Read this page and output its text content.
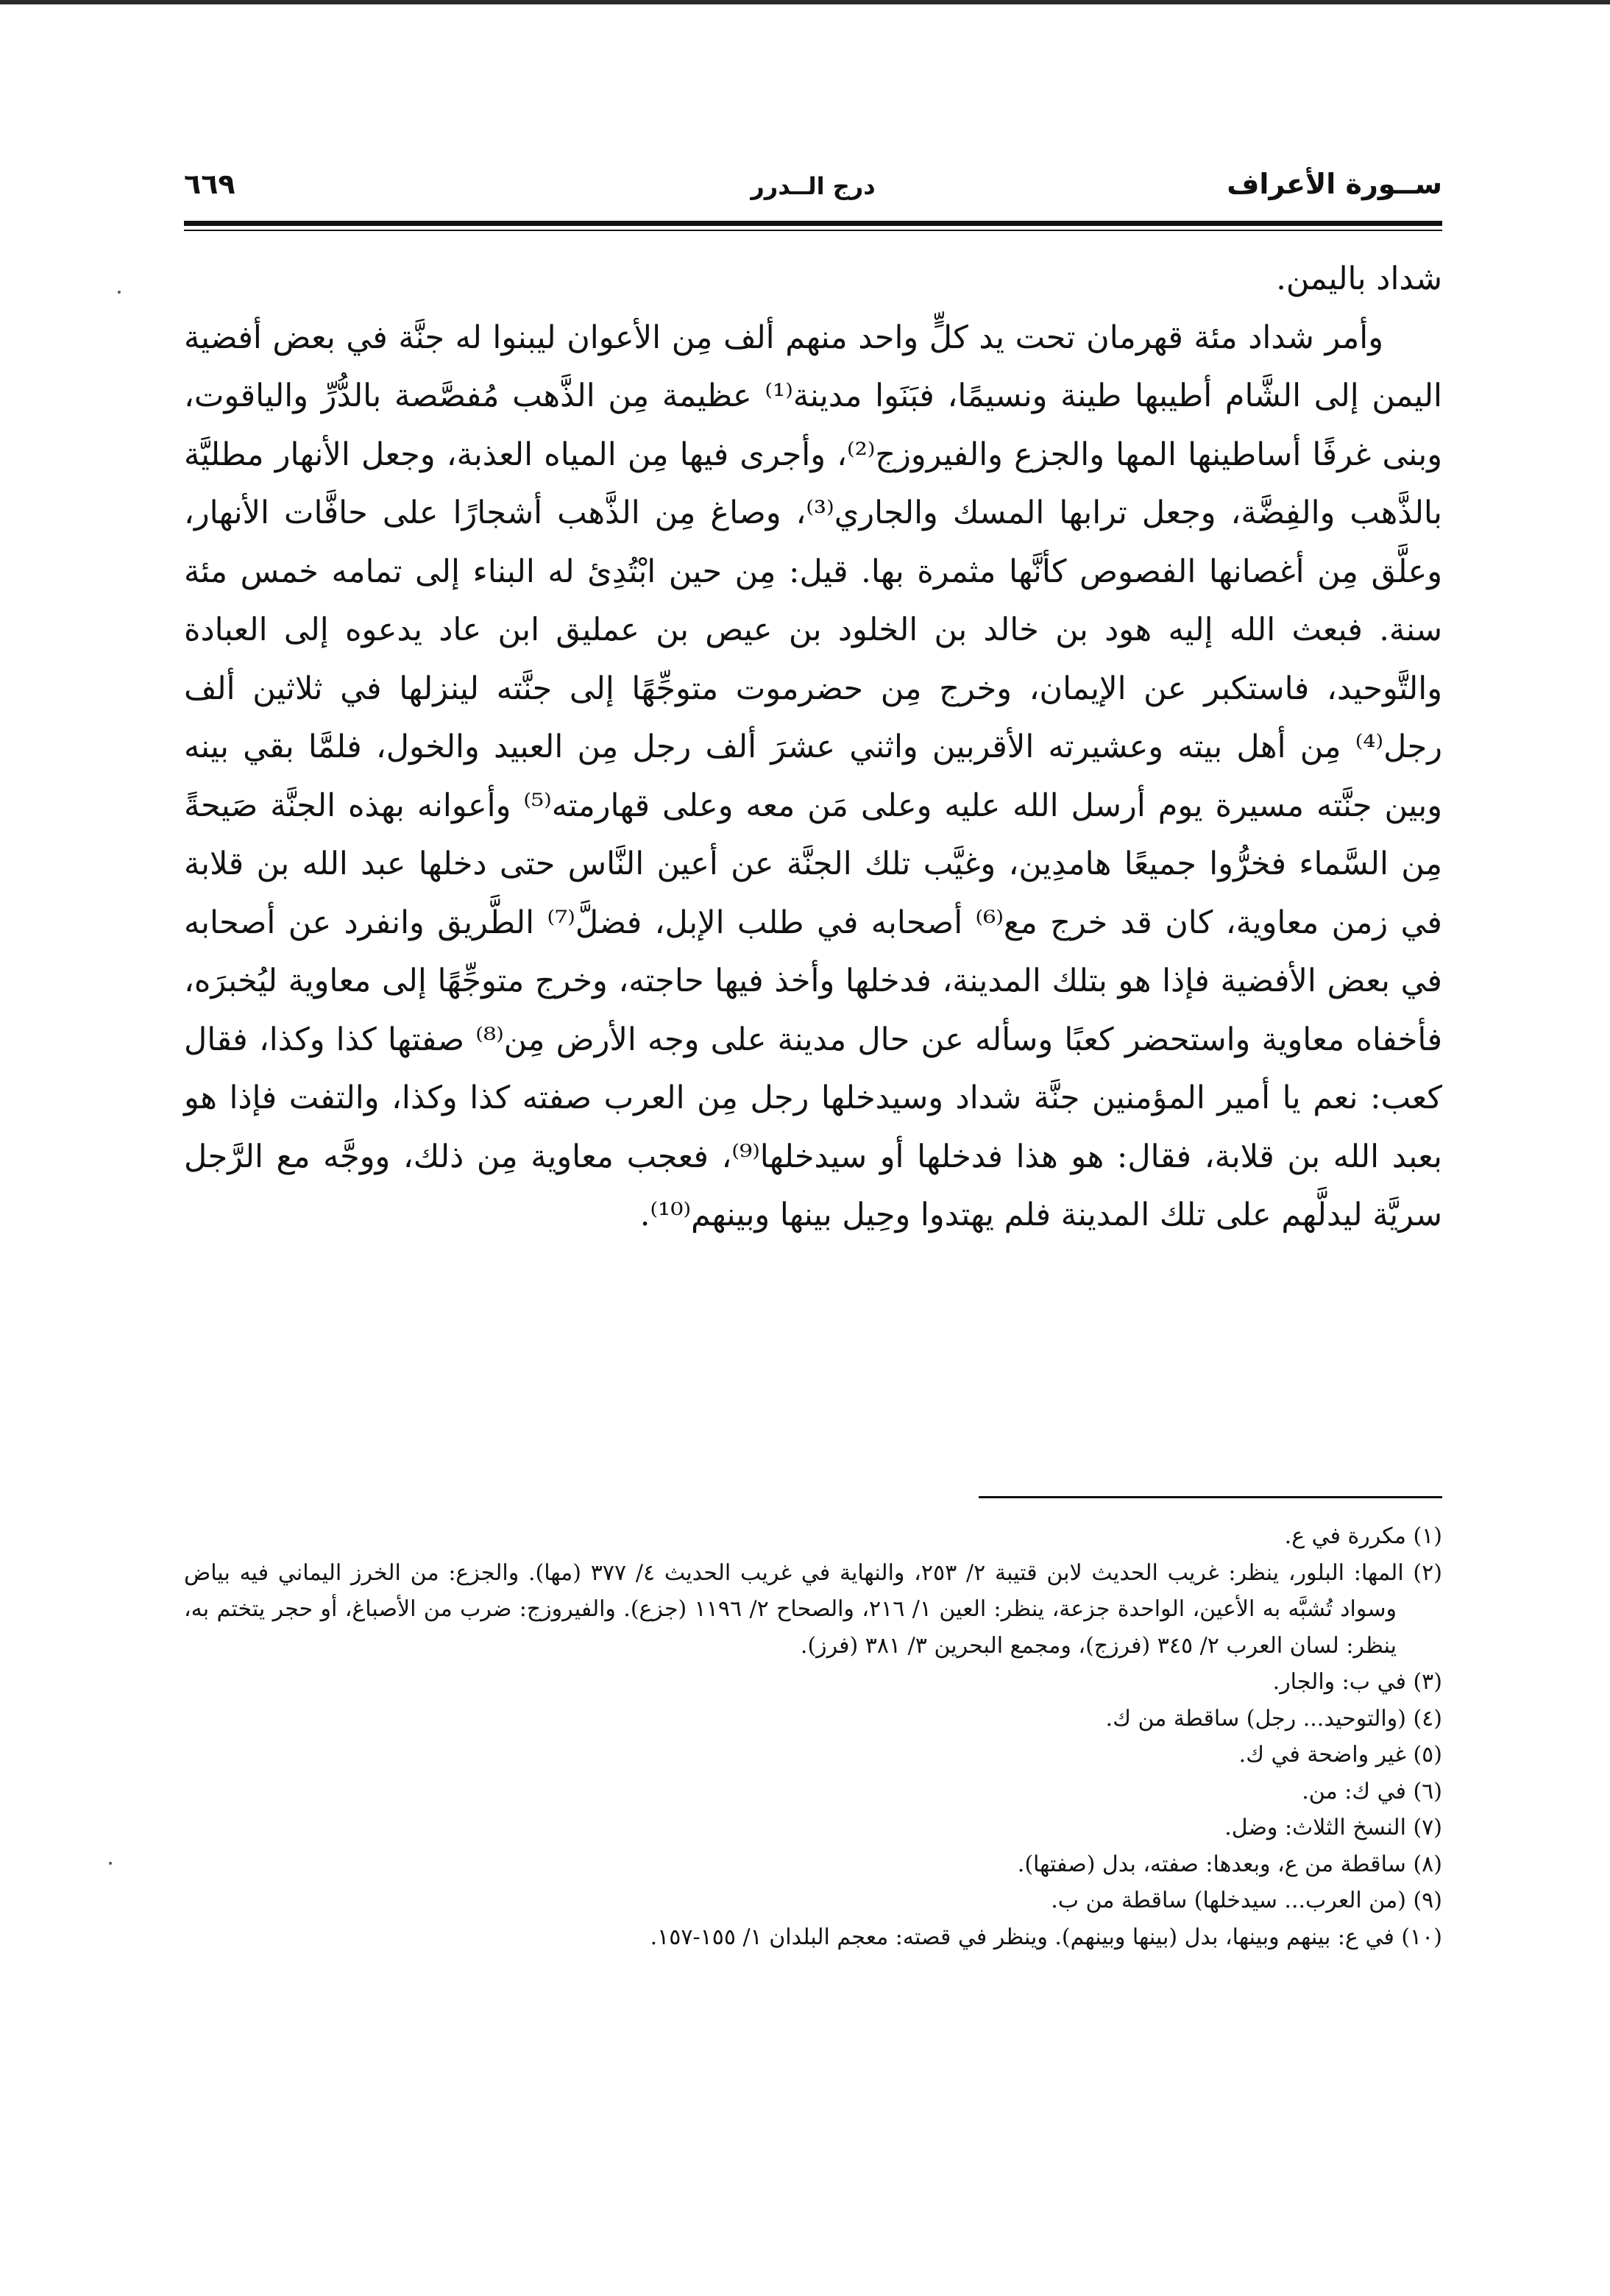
ســورة الأعراف
درج الــدرر
٦٦٩

شداد باليمن.

وأمر شداد مئة قهرمان تحت يد كلٍّ واحد منهم ألف مِن الأعوان ليبنوا له جنَّة في بعض أفضية اليمن إلى الشَّام أطيبها طينة ونسيمًا، فبَنَوا مدينة⁽¹⁾ عظيمة مِن الذَّهب مُفصَّصة بالدُّرِّ والياقوت، وبنى غرفًا أساطينها المها والجزع والفيروزج⁽²⁾، وأجرى فيها مِن المياه العذبة، وجعل الأنهار مطليَّة بالذَّهب والفِضَّة، وجعل ترابها المسك والجاري⁽³⁾، وصاغ مِن الذَّهب أشجارًا على حافَّات الأنهار، وعلَّق مِن أغصانها الفصوص كأنَّها مثمرة بها. قيل: مِن حين ابْتُدِئ له البناء إلى تمامه خمس مئة سنة. فبعث الله إليه هود بن خالد بن الخلود بن عيص بن عمليق ابن عاد يدعوه إلى العبادة والتَّوحيد، فاستكبر عن الإيمان، وخرج مِن حضرموت متوجِّهًا إلى جنَّته لينزلها في ثلاثين ألف رجل⁽⁴⁾ مِن أهل بيته وعشيرته الأقربين واثني عشرَ ألف رجل مِن العبيد والخول، فلمَّا بقي بينه وبين جنَّته مسيرة يوم أرسل الله عليه وعلى مَن معه وعلى قهارمته⁽⁵⁾ وأعوانه بهذه الجنَّة صَيحةً مِن السَّماء فخرُّوا جميعًا هامدِين، وغيَّب تلك الجنَّة عن أعين النَّاس حتى دخلها عبد الله بن قلابة في زمن معاوية، كان قد خرج مع⁽⁶⁾ أصحابه في طلب الإبل، فضلَّ⁽⁷⁾ الطَّريق وانفرد عن أصحابه في بعض الأفضية فإذا هو بتلك المدينة، فدخلها وأخذ فيها حاجته، وخرج متوجِّهًا إلى معاوية ليُخبرَه، فأخفاه معاوية واستحضر كعبًا وسأله عن حال مدينة على وجه الأرض مِن⁽⁸⁾ صفتها كذا وكذا، فقال كعب: نعم يا أمير المؤمنين جنَّة شداد وسيدخلها رجل مِن العرب صفته كذا وكذا، والتفت فإذا هو بعبد الله بن قلابة، فقال: هو هذا فدخلها أو سيدخلها⁽⁹⁾، فعجب معاوية مِن ذلك، ووجَّه مع الرَّجل سريَّة ليدلَّهم على تلك المدينة فلم يهتدوا وحِيل بينها وبينهم⁽¹⁰⁾.

(١) مكررة في ع.

(٢) المها: البلور، ينظر: غريب الحديث لابن قتيبة ٢/ ٢٥٣، والنهاية في غريب الحديث ٤/ ٣٧٧ (مها). والجزع: من الخرز اليماني فيه بياض وسواد تُشبَّه به الأعين، الواحدة جزعة، ينظر: العين ١/ ٢١٦، والصحاح ٢/ ١١٩٦ (جزع). والفيروزج: ضرب من الأصباغ، أو حجر يتختم به، ينظر: لسان العرب ٢/ ٣٤٥ (فرزج)، ومجمع البحرين ٣/ ٣٨١ (فرز).

(٣) في ب: والجار.

(٤) (والتوحيد... رجل) ساقطة من ك.

(٥) غير واضحة في ك.

(٦) في ك: من.

(٧) النسخ الثلاث: وضل.

(٨) ساقطة من ع، وبعدها: صفته، بدل (صفتها).

(٩) (من العرب... سيدخلها) ساقطة من ب.

(١٠) في ع: بينهم وبينها، بدل (بينها وبينهم). وينظر في قصته: معجم البلدان ١/ ١٥٥-١٥٧.
